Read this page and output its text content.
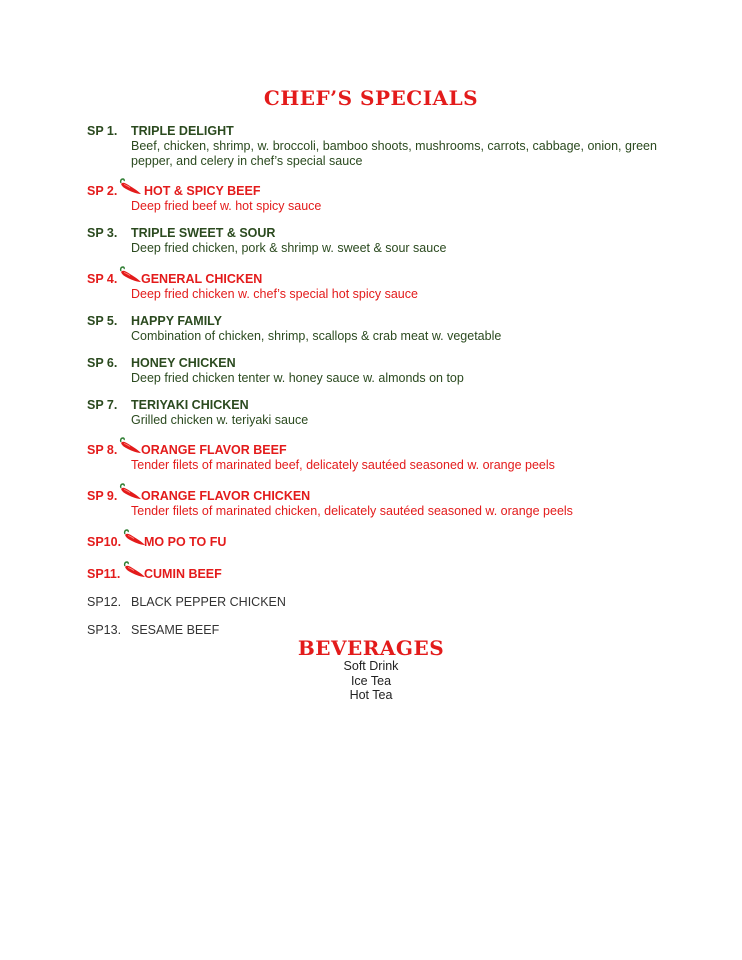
CHEF’S SPECIALS
SP 1. TRIPLE DELIGHT
Beef, chicken, shrimp, w. broccoli, bamboo shoots, mushrooms, carrots, cabbage, onion, green pepper, and celery in chef’s special sauce
SP 2. HOT & SPICY BEEF
Deep fried beef w. hot spicy sauce
SP 3. TRIPLE SWEET & SOUR
Deep fried chicken, pork & shrimp w. sweet & sour sauce
SP 4. GENERAL CHICKEN
Deep fried chicken w. chef’s special hot spicy sauce
SP 5. HAPPY FAMILY
Combination of chicken, shrimp, scallops & crab meat w. vegetable
SP 6. HONEY CHICKEN
Deep fried chicken tenter w. honey sauce w. almonds on top
SP 7. TERIYAKI CHICKEN
Grilled chicken w. teriyaki sauce
SP 8. ORANGE FLAVOR BEEF
Tender filets of marinated beef, delicately sautéed seasoned w. orange peels
SP 9. ORANGE FLAVOR CHICKEN
Tender filets of marinated chicken, delicately sautéed seasoned w. orange peels
SP10. MO PO TO FU
SP11. CUMIN BEEF
SP12. BLACK PEPPER CHICKEN
SP13. SESAME BEEF
BEVERAGES
Soft Drink
Ice Tea
Hot Tea
